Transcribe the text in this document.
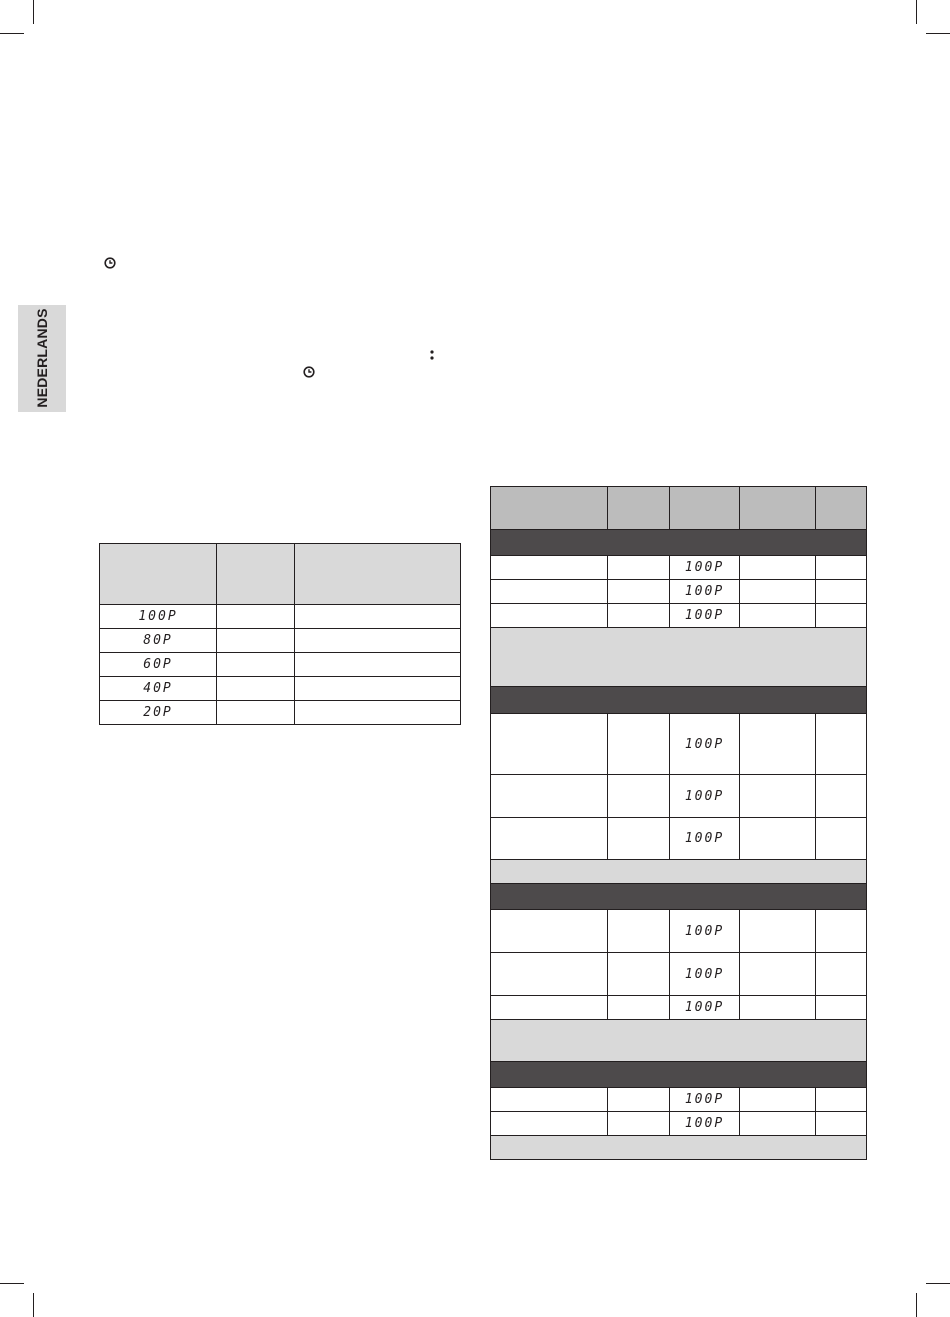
NEDERLANDS

100P		
80P		
60P		
40P		
20P		

		100P		
		100P		
		100P		

		100P		
		100P		
		100P		

		100P		
		100P		
		100P		

		100P		
		100P		
